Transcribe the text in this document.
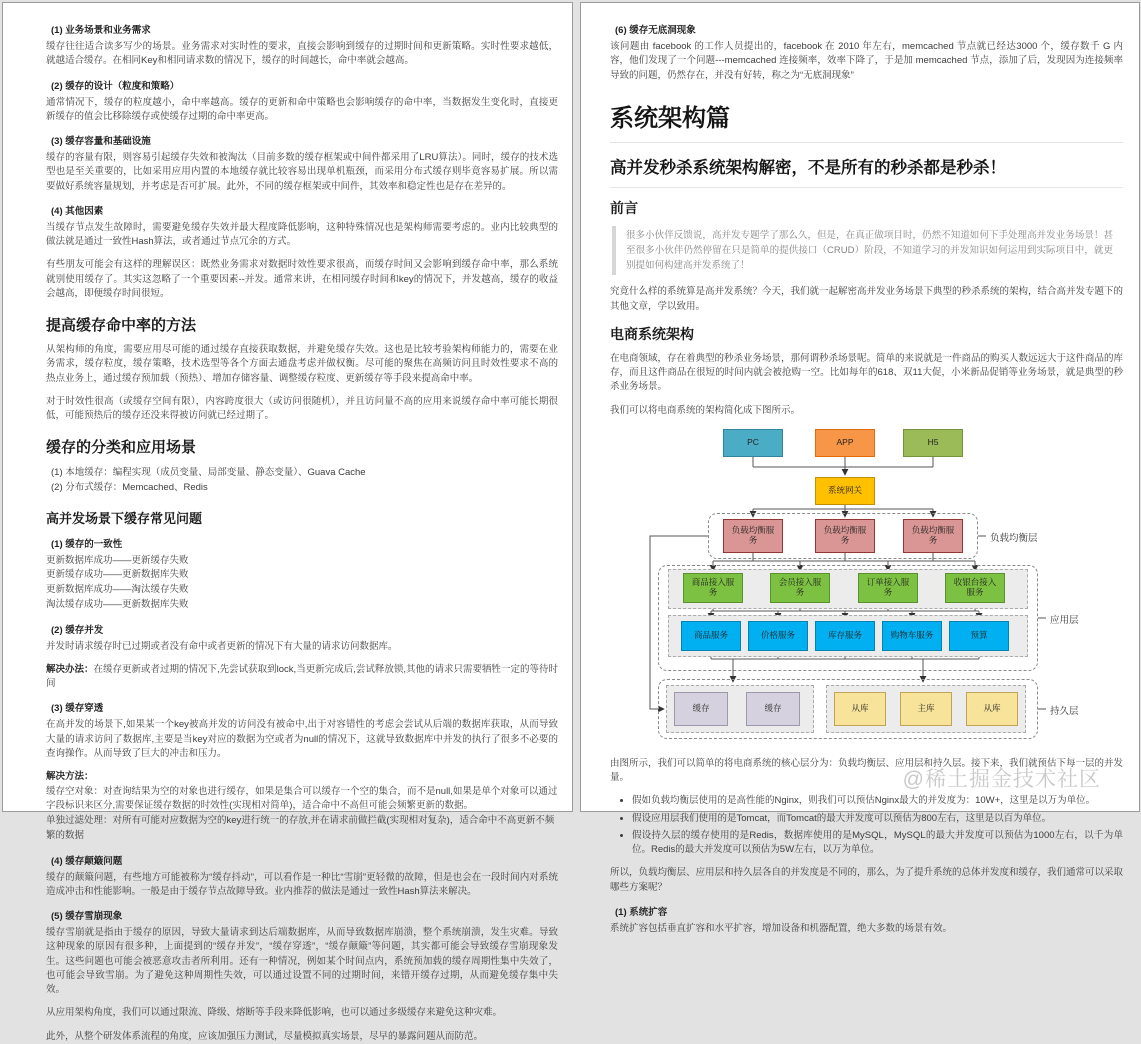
(1) 业务场景和业务需求

缓存往往适合读多写少的场景。业务需求对实时性的要求，直接会影响到缓存的过期时间和更新策略。实时性要求越低，就越适合缓存。在相同Key和相同请求数的情况下，缓存的时间越长，命中率就会越高。

(2) 缓存的设计（粒度和策略）

通常情况下，缓存的粒度越小，命中率越高。缓存的更新和命中策略也会影响缓存的命中率，当数据发生变化时，直接更新缓存的值会比移除缓存或使缓存过期的命中率更高。

(3) 缓存容量和基础设施

缓存的容量有限，则容易引起缓存失效和被淘汰（目前多数的缓存框架或中间件都采用了LRU算法）。同时，缓存的技术选型也是至关重要的，比如采用应用内置的本地缓存就比较容易出现单机瓶颈，而采用分布式缓存则毕竟容易扩展。所以需要做好系统容量规划，并考虑是否可扩展。此外，不同的缓存框架或中间件，其效率和稳定性也是存在差异的。

(4) 其他因素

当缓存节点发生故障时，需要避免缓存失效并最大程度降低影响，这种特殊情况也是架构师需要考虑的。业内比较典型的做法就是通过一致性Hash算法，或者通过节点冗余的方式。

有些朋友可能会有这样的理解误区：既然业务需求对数据时效性要求很高，而缓存时间又会影响到缓存命中率，那么系统就别使用缓存了。其实这忽略了一个重要因素--并发。通常来讲，在相同缓存时间和key的情况下，并发越高，缓存的收益会越高，即便缓存时间很短。

提高缓存命中率的方法

从架构师的角度，需要应用尽可能的通过缓存直接获取数据，并避免缓存失效。这也是比较考验架构师能力的，需要在业务需求，缓存粒度，缓存策略，技术选型等各个方面去通盘考虑并做权衡。尽可能的聚焦在高频访问且时效性要求不高的热点业务上，通过缓存预加载（预热）、增加存储容量、调整缓存粒度、更新缓存等手段来提高命中率。

对于时效性很高（或缓存空间有限），内容跨度很大（或访问很随机），并且访问量不高的应用来说缓存命中率可能长期很低，可能预热后的缓存还没来得被访问就已经过期了。

缓存的分类和应用场景
(1) 本地缓存：编程实现（成员变量、局部变量、静态变量）、Guava Cache
(2) 分布式缓存：Memcached、Redis
高并发场景下缓存常见问题
(1) 缓存的一致性
更新数据库成功——更新缓存失败
更新缓存成功——更新数据库失败
更新数据库成功——淘汰缓存失败
淘汰缓存成功——更新数据库失败
(2) 缓存并发

并发时请求缓存时已过期或者没有命中或者更新的情况下有大量的请求访问数据库。

解决办法：在缓存更新或者过期的情况下,先尝试获取到lock,当更新完成后,尝试释放锁,其他的请求只需要牺牲一定的等待时间

(3) 缓存穿透

在高并发的场景下,如果某一个key被高并发的访问没有被命中,出于对容错性的考虑会尝试从后端的数据库获取，从而导致大量的请求访问了数据库,主要是当key对应的数据为空或者为null的情况下，这就导致数据库中并发的执行了很多不必要的查询操作。从而导致了巨大的冲击和压力。

解决方法：
缓存空对象：对查询结果为空的对象也进行缓存，如果是集合可以缓存一个空的集合，而不是null,如果是单个对象可以通过字段标识来区分,需要保证缓存数据的时效性(实现相对简单)，适合命中不高但可能会频繁更新的数据。
单独过滤处理：对所有可能对应数据为空的key进行统一的存放,并在请求前做拦截(实现相对复杂)，适合命中不高更新不频繁的数据
(4) 缓存颠簸问题

缓存的颠簸问题，有些地方可能被称为“缓存抖动”，可以看作是一种比“雪崩”更轻微的故障，但是也会在一段时间内对系统造成冲击和性能影响。一般是由于缓存节点故障导致。业内推荐的做法是通过一致性Hash算法来解决。

(5) 缓存雪崩现象

缓存雪崩就是指由于缓存的原因，导致大量请求到达后端数据库，从而导致数据库崩溃，整个系统崩溃，发生灾难。导致这种现象的原因有很多种，上面提到的“缓存并发”，“缓存穿透”，“缓存颠簸”等问题，其实都可能会导致缓存雪崩现象发生。这些问题也可能会被恶意攻击者所利用。还有一种情况，例如某个时间点内，系统预加载的缓存周期性集中失效了，也可能会导致雪崩。为了避免这种周期性失效，可以通过设置不同的过期时间，来错开缓存过期，从而避免缓存集中失效。

从应用架构角度，我们可以通过限流、降级、熔断等手段来降低影响，也可以通过多级缓存来避免这种灾难。

此外，从整个研发体系流程的角度，应该加强压力测试，尽量模拟真实场景，尽早的暴露问题从而防范。

(6) 缓存无底洞现象

该问题由 facebook 的工作人员提出的，facebook 在 2010 年左右，memcached 节点就已经达3000 个，缓存数千 G 内容，他们发现了一个问题---memcached 连接频率，效率下降了，于是加 memcached 节点，添加了后，发现因为连接频率导致的问题，仍然存在，并没有好转，称之为“无底洞现象”

系统架构篇
高并发秒杀系统架构解密，不是所有的秒杀都是秒杀！
前言
很多小伙伴反馈说，高并发专题学了那么久，但是，在真正做项目时，仍然不知道如何下手处理高并发业务场景！甚至很多小伙伴仍然停留在只是简单的提供接口（CRUD）阶段，不知道学习的并发知识如何运用到实际项目中，就更别提如何构建高并发系统了！

究竟什么样的系统算是高并发系统？今天，我们就一起解密高并发业务场景下典型的秒杀系统的架构，结合高并发专题下的其他文章，学以致用。

电商系统架构

在电商领域，存在着典型的秒杀业务场景，那何谓秒杀场景呢。简单的来说就是一件商品的购买人数远远大于这件商品的库存，而且这件商品在很短的时间内就会被抢购一空。比如每年的618、双11大促，小米新品促销等业务场景，就是典型的秒杀业务场景。

我们可以将电商系统的架构简化成下图所示。

PC	APP	H5
系统网关
负载均衡服务
负载均衡服务
负载均衡服务
商品接入服务
会员接入服务
订单接入服务
收银台接入服务
商品服务	价格服务	库存服务	购物车服务	预算
缓存	缓存	从库	主库	从库
负载均衡层
应用层
持久层

由图所示，我们可以简单的将电商系统的核心层分为：负载均衡层、应用层和持久层。接下来，我们就预估下每一层的并发量。

• 假如负载均衡层使用的是高性能的Nginx，则我们可以预估Nginx最大的并发度为：10W+，这里是以万为单位。
• 假设应用层我们使用的是Tomcat，而Tomcat的最大并发度可以预估为800左右，这里是以百为单位。
• 假设持久层的缓存使用的是Redis，数据库使用的是MySQL，MySQL的最大并发度可以预估为1000左右，以千为单位。Redis的最大并发度可以预估为5W左右，以万为单位。

所以，负载均衡层、应用层和持久层各自的并发度是不同的，那么，为了提升系统的总体并发度和缓存，我们通常可以采取哪些方案呢？

(1) 系统扩容

系统扩容包括垂直扩容和水平扩容，增加设备和机器配置，绝大多数的场景有效。

@稀土掘金技术社区
